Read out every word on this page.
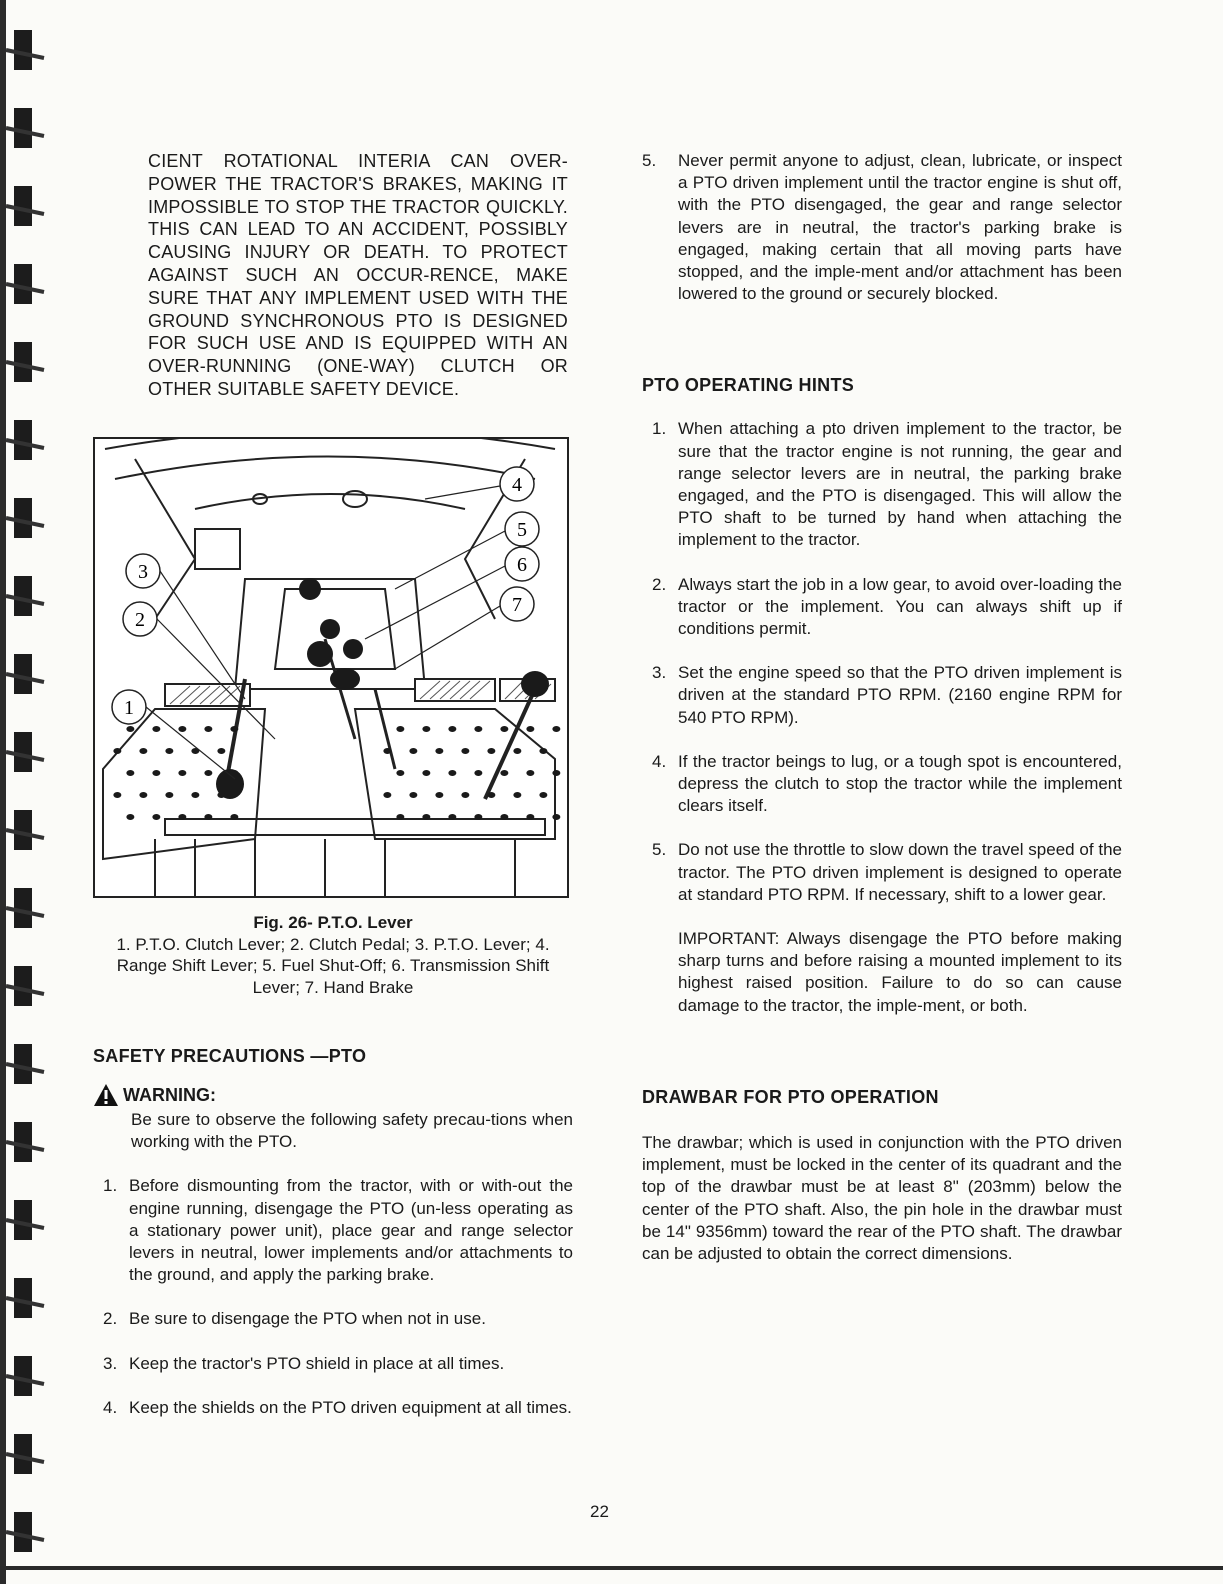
CIENT ROTATIONAL INTERIA CAN OVER-POWER THE TRACTOR'S BRAKES, MAKING IT IMPOSSIBLE TO STOP THE TRACTOR QUICKLY. THIS CAN LEAD TO AN ACCIDENT, POSSIBLY CAUSING INJURY OR DEATH. TO PROTECT AGAINST SUCH AN OCCUR-RENCE, MAKE SURE THAT ANY IMPLEMENT USED WITH THE GROUND SYNCHRONOUS PTO IS DESIGNED FOR SUCH USE AND IS EQUIPPED WITH AN OVER-RUNNING (ONE-WAY) CLUTCH OR OTHER SUITABLE SAFETY DEVICE.
4
5
6
7
3
2
1
Fig. 26- P.T.O. Lever
1. P.T.O. Clutch Lever; 2. Clutch Pedal; 3. P.T.O. Lever; 4. Range Shift Lever; 5. Fuel Shut-Off; 6. Transmission Shift Lever; 7. Hand Brake
SAFETY PRECAUTIONS —PTO
WARNING:
Be sure to observe the following safety precau-tions when working with the PTO.
1. Before dismounting from the tractor, with or with-out the engine running, disengage the PTO (un-less operating as a stationary power unit), place gear and range selector levers in neutral, lower implements and/or attachments to the ground, and apply the parking brake.
2. Be sure to disengage the PTO when not in use.
3. Keep the tractor's PTO shield in place at all times.
4. Keep the shields on the PTO driven equipment at all times.
5.	Never permit anyone to adjust, clean, lubricate, or inspect a PTO driven implement until the tractor engine is shut off, with the PTO disengaged, the gear and range selector levers are in neutral, the tractor's parking brake is engaged, making certain that all moving parts have stopped, and the imple-ment and/or attachment has been lowered to the ground or securely blocked.
PTO OPERATING HINTS
1. When attaching a pto driven implement to the tractor, be sure that the tractor engine is not running, the gear and range selector levers are in neutral, the parking brake engaged, and the PTO is disengaged. This will allow the PTO shaft to be turned by hand when attaching the implement to the tractor.
2. Always start the job in a low gear, to avoid over-loading the tractor or the implement. You can always shift up if conditions permit.
3. Set the engine speed so that the PTO driven implement is driven at the standard PTO RPM. (2160 engine RPM for 540 PTO RPM).
4. If the tractor beings to lug, or a tough spot is encountered, depress the clutch to stop the tractor while the implement clears itself.
5. Do not use the throttle to slow down the travel speed of the tractor. The PTO driven implement is designed to operate at standard PTO RPM. If necessary, shift to a lower gear.
IMPORTANT: Always disengage the PTO before making sharp turns and before raising a mounted implement to its highest raised position. Failure to do so can cause damage to the tractor, the imple-ment, or both.
DRAWBAR FOR PTO OPERATION
The drawbar; which is used in conjunction with the PTO driven implement, must be locked in the center of its quadrant and the top of the drawbar must be at least 8" (203mm) below the center of the PTO shaft. Also, the pin hole in the drawbar must be 14" 9356mm) toward the rear of the PTO shaft. The drawbar can be adjusted to obtain the correct dimensions.
22
